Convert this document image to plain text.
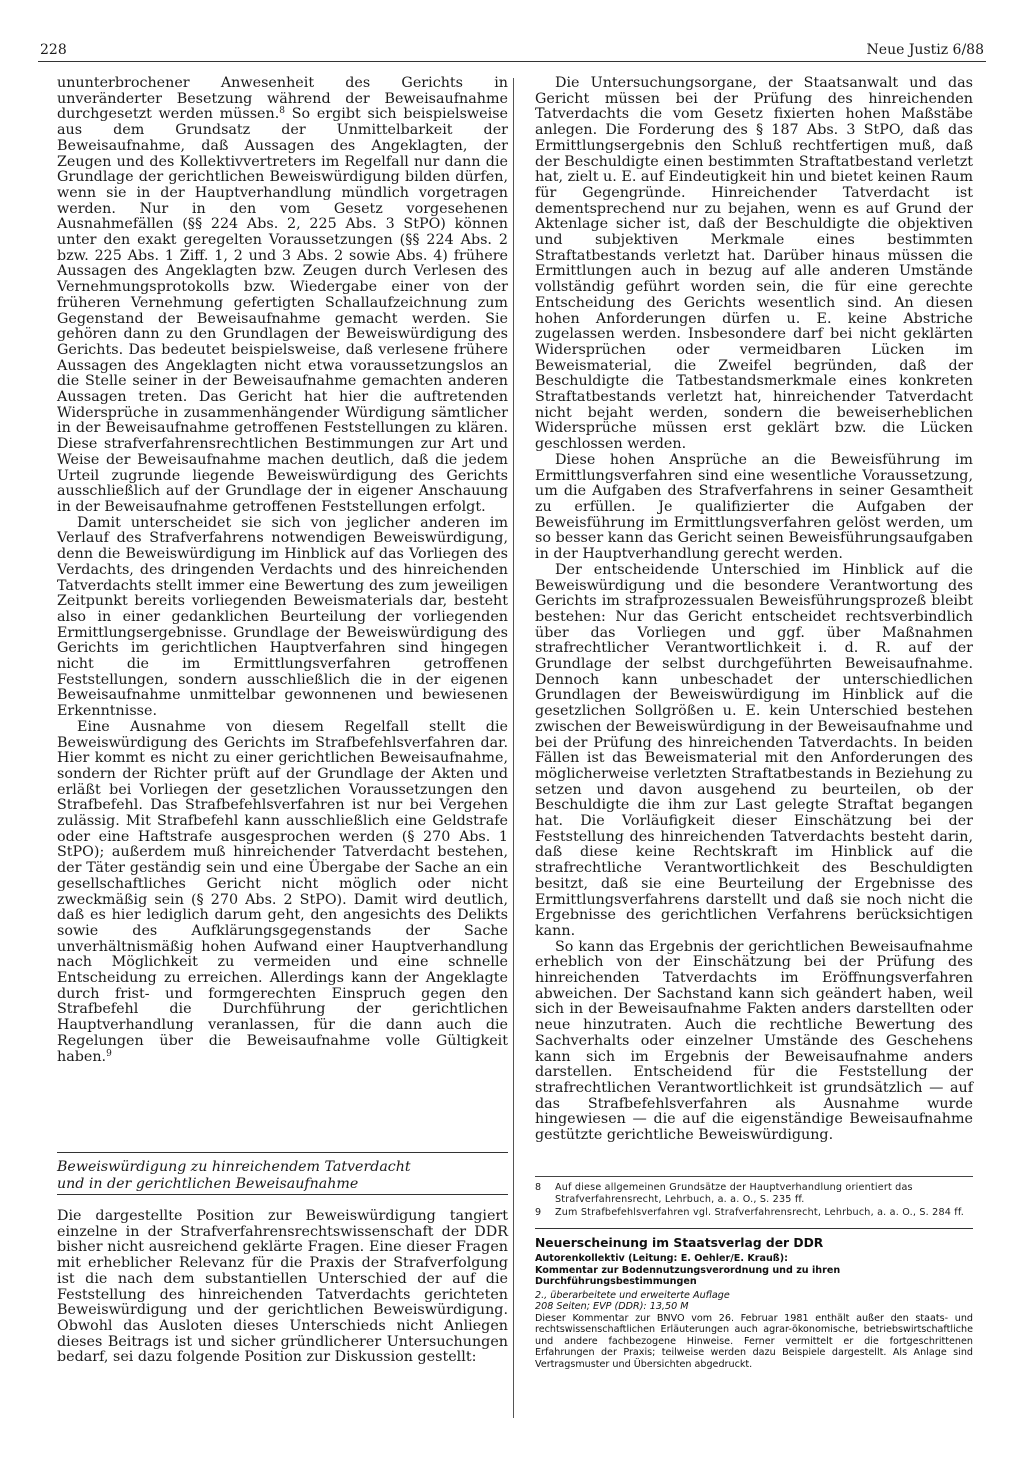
228	Neue Justiz 6/88

ununterbrochener Anwesenheit des Gerichts in unveränderter Besetzung während der Beweisaufnahme durchgesetzt werden müssen.$^8$ So ergibt sich beispielsweise aus dem Grundsatz der Unmittelbarkeit der Beweisaufnahme, daß Aussagen des Angeklagten, der Zeugen und des Kollektivvertreters im Regelfall nur dann die Grundlage der gerichtlichen Beweiswürdigung bilden dürfen, wenn sie in der Hauptverhandlung mündlich vorgetragen werden. Nur in den vom Gesetz vorgesehenen Ausnahmefällen (§§ 224 Abs. 2, 225 Abs. 3 StPO) können unter den exakt geregelten Voraussetzungen (§§ 224 Abs. 2 bzw. 225 Abs. 1 Ziff. 1, 2 und 3 Abs. 2 sowie Abs. 4) frühere Aussagen des Angeklagten bzw. Zeugen durch Verlesen des Vernehmungsprotokolls bzw. Wiedergabe einer von der früheren Vernehmung gefertigten Schallaufzeichnung zum Gegenstand der Beweisaufnahme gemacht werden. Sie gehören dann zu den Grundlagen der Beweiswürdigung des Gerichts. Das bedeutet beispielsweise, daß verlesene frühere Aussagen des Angeklagten nicht etwa voraussetzungslos an die Stelle seiner in der Beweisaufnahme gemachten anderen Aussagen treten. Das Gericht hat hier die auftretenden Widersprüche in zusammenhängender Würdigung sämtlicher in der Beweisaufnahme getroffenen Feststellungen zu klären. Diese strafverfahrensrechtlichen Bestimmungen zur Art und Weise der Beweisaufnahme machen deutlich, daß die jedem Urteil zugrunde liegende Beweiswürdigung des Gerichts ausschließlich auf der Grundlage der in eigener Anschauung in der Beweisaufnahme getroffenen Feststellungen erfolgt.

Damit unterscheidet sie sich von jeglicher anderen im Verlauf des Strafverfahrens notwendigen Beweiswürdigung, denn die Beweiswürdigung im Hinblick auf das Vorliegen des Verdachts, des dringenden Verdachts und des hinreichenden Tatverdachts stellt immer eine Bewertung des zum jeweiligen Zeitpunkt bereits vorliegenden Beweismaterials dar, besteht also in einer gedanklichen Beurteilung der vorliegenden Ermittlungsergebnisse. Grundlage der Beweiswürdigung des Gerichts im gerichtlichen Hauptverfahren sind hingegen nicht die im Ermittlungsverfahren getroffenen Feststellungen, sondern ausschließlich die in der eigenen Beweisaufnahme unmittelbar gewonnenen und bewiesenen Erkenntnisse.

Eine Ausnahme von diesem Regelfall stellt die Beweiswürdigung des Gerichts im Strafbefehlsverfahren dar. Hier kommt es nicht zu einer gerichtlichen Beweisaufnahme, sondern der Richter prüft auf der Grundlage der Akten und erläßt bei Vorliegen der gesetzlichen Voraussetzungen den Strafbefehl. Das Strafbefehlsverfahren ist nur bei Vergehen zulässig. Mit Strafbefehl kann ausschließlich eine Geldstrafe oder eine Haftstrafe ausgesprochen werden (§ 270 Abs. 1 StPO); außerdem muß hinreichender Tatverdacht bestehen, der Täter geständig sein und eine Übergabe der Sache an ein gesellschaftliches Gericht nicht möglich oder nicht zweckmäßig sein (§ 270 Abs. 2 StPO). Damit wird deutlich, daß es hier lediglich darum geht, den angesichts des Delikts sowie des Aufklärungsgegenstands der Sache unverhältnismäßig hohen Aufwand einer Hauptverhandlung nach Möglichkeit zu vermeiden und eine schnelle Entscheidung zu erreichen. Allerdings kann der Angeklagte durch frist- und formgerechten Einspruch gegen den Strafbefehl die Durchführung der gerichtlichen Hauptverhandlung veranlassen, für die dann auch die Regelungen über die Beweisaufnahme volle Gültigkeit haben.$^9$

Beweiswürdigung zu hinreichendem Tatverdacht
und in der gerichtlichen Beweisaufnahme
Die dargestellte Position zur Beweiswürdigung tangiert einzelne in der Strafverfahrensrechtswissenschaft der DDR bisher nicht ausreichend geklärte Fragen. Eine dieser Fragen mit erheblicher Relevanz für die Praxis der Strafverfolgung ist die nach dem substantiellen Unterschied der auf die Feststellung des hinreichenden Tatverdachts gerichteten Beweiswürdigung und der gerichtlichen Beweiswürdigung. Obwohl das Ausloten dieses Unterschieds nicht Anliegen dieses Beitrags ist und sicher gründlicherer Untersuchungen bedarf, sei dazu folgende Position zur Diskussion gestellt:

Die Untersuchungsorgane, der Staatsanwalt und das Gericht müssen bei der Prüfung des hinreichenden Tatverdachts die vom Gesetz fixierten hohen Maßstäbe anlegen. Die Forderung des § 187 Abs. 3 StPO, daß das Ermittlungsergebnis den Schluß rechtfertigen muß, daß der Beschuldigte einen bestimmten Straftatbestand verletzt hat, zielt u. E. auf Eindeutigkeit hin und bietet keinen Raum für Gegengründe. Hinreichender Tatverdacht ist dementsprechend nur zu bejahen, wenn es auf Grund der Aktenlage sicher ist, daß der Beschuldigte die objektiven und subjektiven Merkmale eines bestimmten Straftatbestands verletzt hat. Darüber hinaus müssen die Ermittlungen auch in bezug auf alle anderen Umstände vollständig geführt worden sein, die für eine gerechte Entscheidung des Gerichts wesentlich sind. An diesen hohen Anforderungen dürfen u. E. keine Abstriche zugelassen werden. Insbesondere darf bei nicht geklärten Widersprüchen oder vermeidbaren Lücken im Beweismaterial, die Zweifel begründen, daß der Beschuldigte die Tatbestandsmerkmale eines konkreten Straftatbestands verletzt hat, hinreichender Tatverdacht nicht bejaht werden, sondern die beweiserheblichen Widersprüche müssen erst geklärt bzw. die Lücken geschlossen werden.

Diese hohen Ansprüche an die Beweisführung im Ermittlungsverfahren sind eine wesentliche Voraussetzung, um die Aufgaben des Strafverfahrens in seiner Gesamtheit zu erfüllen. Je qualifizierter die Aufgaben der Beweisführung im Ermittlungsverfahren gelöst werden, um so besser kann das Gericht seinen Beweisführungsaufgaben in der Hauptverhandlung gerecht werden.

Der entscheidende Unterschied im Hinblick auf die Beweiswürdigung und die besondere Verantwortung des Gerichts im strafprozessualen Beweisführungsprozeß bleibt bestehen: Nur das Gericht entscheidet rechtsverbindlich über das Vorliegen und ggf. über Maßnahmen strafrechtlicher Verantwortlichkeit i. d. R. auf der Grundlage der selbst durchgeführten Beweisaufnahme. Dennoch kann unbeschadet der unterschiedlichen Grundlagen der Beweiswürdigung im Hinblick auf die gesetzlichen Sollgrößen u. E. kein Unterschied bestehen zwischen der Beweiswürdigung in der Beweisaufnahme und bei der Prüfung des hinreichenden Tatverdachts. In beiden Fällen ist das Beweismaterial mit den Anforderungen des möglicherweise verletzten Straftatbestands in Beziehung zu setzen und davon ausgehend zu beurteilen, ob der Beschuldigte die ihm zur Last gelegte Straftat begangen hat. Die Vorläufigkeit dieser Einschätzung bei der Feststellung des hinreichenden Tatverdachts besteht darin, daß diese keine Rechtskraft im Hinblick auf die strafrechtliche Verantwortlichkeit des Beschuldigten besitzt, daß sie eine Beurteilung der Ergebnisse des Ermittlungsverfahrens darstellt und daß sie noch nicht die Ergebnisse des gerichtlichen Verfahrens berücksichtigen kann.

So kann das Ergebnis der gerichtlichen Beweisaufnahme erheblich von der Einschätzung bei der Prüfung des hinreichenden Tatverdachts im Eröffnungsverfahren abweichen. Der Sachstand kann sich geändert haben, weil sich in der Beweisaufnahme Fakten anders darstellten oder neue hinzutraten. Auch die rechtliche Bewertung des Sachverhalts oder einzelner Umstände des Geschehens kann sich im Ergebnis der Beweisaufnahme anders darstellen. Entscheidend für die Feststellung der strafrechtlichen Verantwortlichkeit ist grundsätzlich — auf das Strafbefehlsverfahren als Ausnahme wurde hingewiesen — die auf die eigenständige Beweisaufnahme gestützte gerichtliche Beweiswürdigung.

8	Auf diese allgemeinen Grundsätze der Hauptverhandlung orientiert das Strafverfahrensrecht, Lehrbuch, a. a. O., S. 235 ff.
9	Zum Strafbefehlsverfahren vgl. Strafverfahrensrecht, Lehrbuch, a. a. O., S. 284 ff.
Neuerscheinung im Staatsverlag der DDR
Autorenkollektiv (Leitung: E. Oehler/E. Krauß):
Kommentar zur Bodennutzungsverordnung und zu ihren Durchführungsbestimmungen
2., überarbeitete und erweiterte Auflage
208 Seiten; EVP (DDR): 13,50 M
Dieser Kommentar zur BNVO vom 26. Februar 1981 enthält außer den staats- und rechtswissenschaftlichen Erläuterungen auch agrar-ökonomische, betriebswirtschaftliche und andere fachbezogene Hinweise. Ferner vermittelt er die fortgeschrittenen Erfahrungen der Praxis; teilweise werden dazu Beispiele dargestellt. Als Anlage sind Vertragsmuster und Übersichten abgedruckt.
